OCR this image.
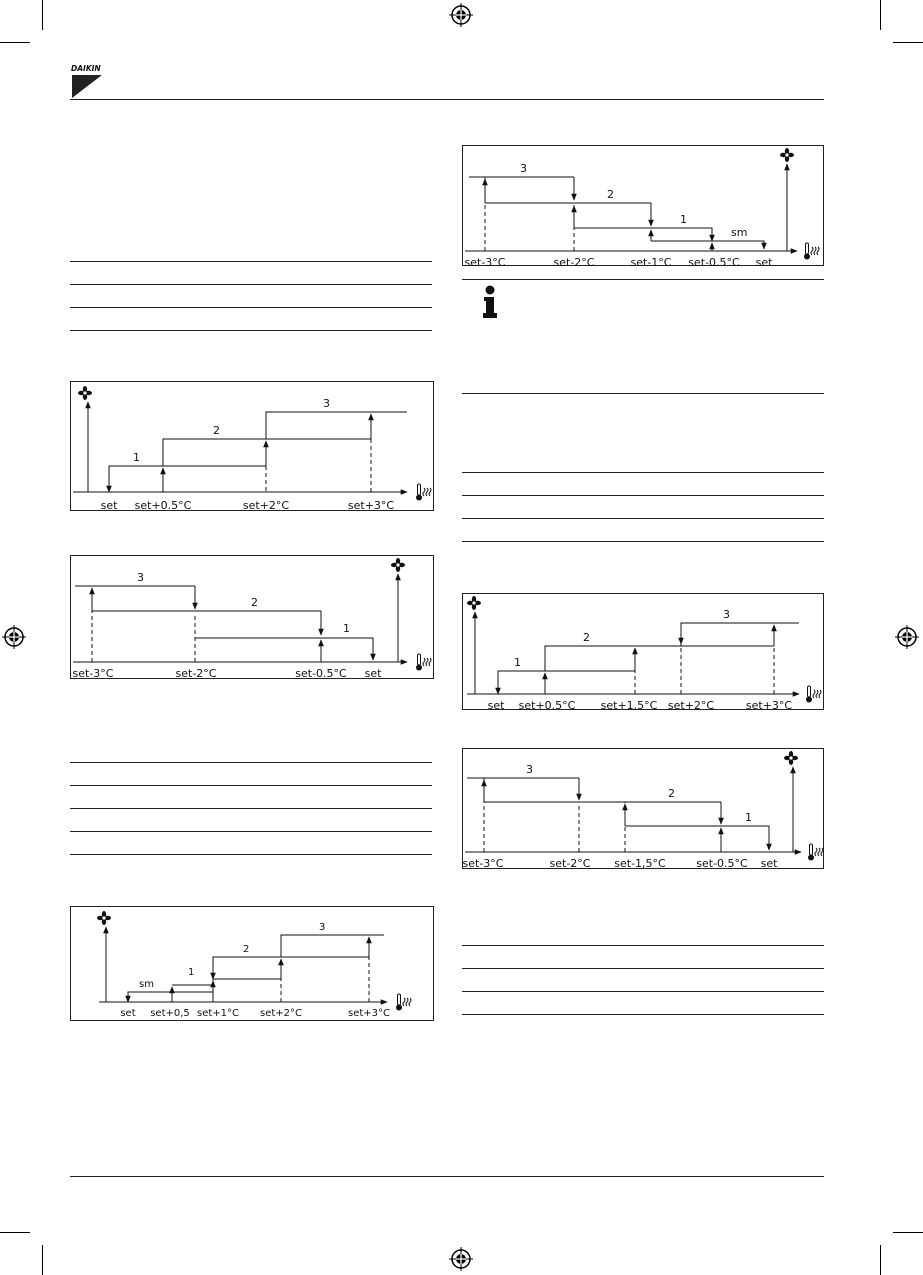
DAIKIN
1
2
3
set set+0.5°C	set+2°C	set+3°C
3
2
1
set-3°C	set-2°C	set-0.5°C set
sm
1
2
3
set set+0,5 set+1°C set+2°C	set+3°C
3
2
1
sm
set-3°C	set-2°C	set-1°C set-0.5°C set
1
2
3
set set+0.5°C set+1.5°C set+2°C	set+3°C
3
2
1
set-3°C	set-2°C set-1,5°C	set-0.5°C set
